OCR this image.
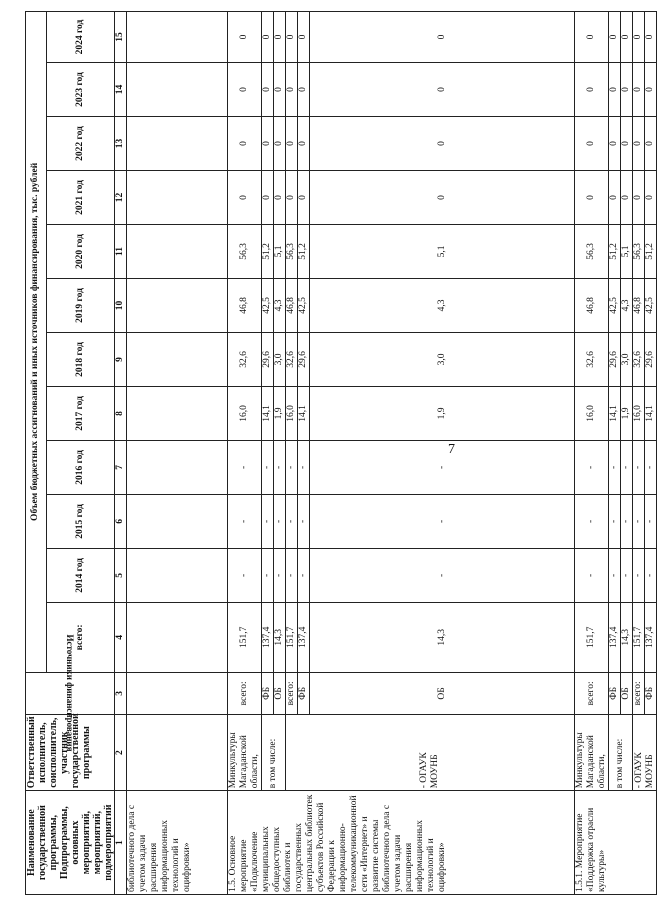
7
Наименование государственной программы, Подпрограммы, основных мероприятий, мероприятий, подмероприятий	Ответственный исполнитель, соисполнитель, участник государственной программы	Источники финансирования	Объем бюджетных ассигнований и иных источников финансирования, тыс. рублей											
			всего:	2014 год	2015 год	2016 год	2017 год	2018 год	2019 год	2020 год	2021 год	2022 год	2023 год	2024 год
1	2	3	4	5	6	7	8	9	10	11	12	13	14	15
библиотечного дела с учетом задачи расширения информационных технологий и оцифровки»														
1.5. Основное мероприятие «Подключение муниципальных общедоступных библиотек и государственных центральных библиотек субъектов Российской Федерации к информационно-телекоммуникационной сети «Интернет» и развитие системы библиотечного дела с учетом задачи расширения информационных технологий и оцифровки»	Минкультуры Магаданской области,	всего:	151,7	-	-	-	16,0	32,6	46,8	56,3	0	0	0	0
	в том числе:	ФБ	137,4	-	-	-	14,1	29,6	42,5	51,2	0	0	0	0
		ОБ	14,3	-	-	-	1,9	3,0	4,3	5,1	0	0	0	0
	- ОГАУК МОУНБ	всего:	151,7	-	-	-	16,0	32,6	46,8	56,3	0	0	0	0
		ФБ	137,4	-	-	-	14,1	29,6	42,5	51,2	0	0	0	0
		ОБ	14,3	-	-	-	1,9	3,0	4,3	5,1	0	0	0	0
1.5.1. Мероприятие «Поддержка отрасли культуры»	Минкультуры Магаданской области,	всего:	151,7	-	-	-	16,0	32,6	46,8	56,3	0	0	0	0
	в том числе:	ФБ	137,4	-	-	-	14,1	29,6	42,5	51,2	0	0	0	0
		ОБ	14,3	-	-	-	1,9	3,0	4,3	5,1	0	0	0	0
	- ОГАУК МОУНБ	всего:	151,7	-	-	-	16,0	32,6	46,8	56,3	0	0	0	0
		ФБ	137,4	-	-	-	14,1	29,6	42,5	51,2	0	0	0	0
